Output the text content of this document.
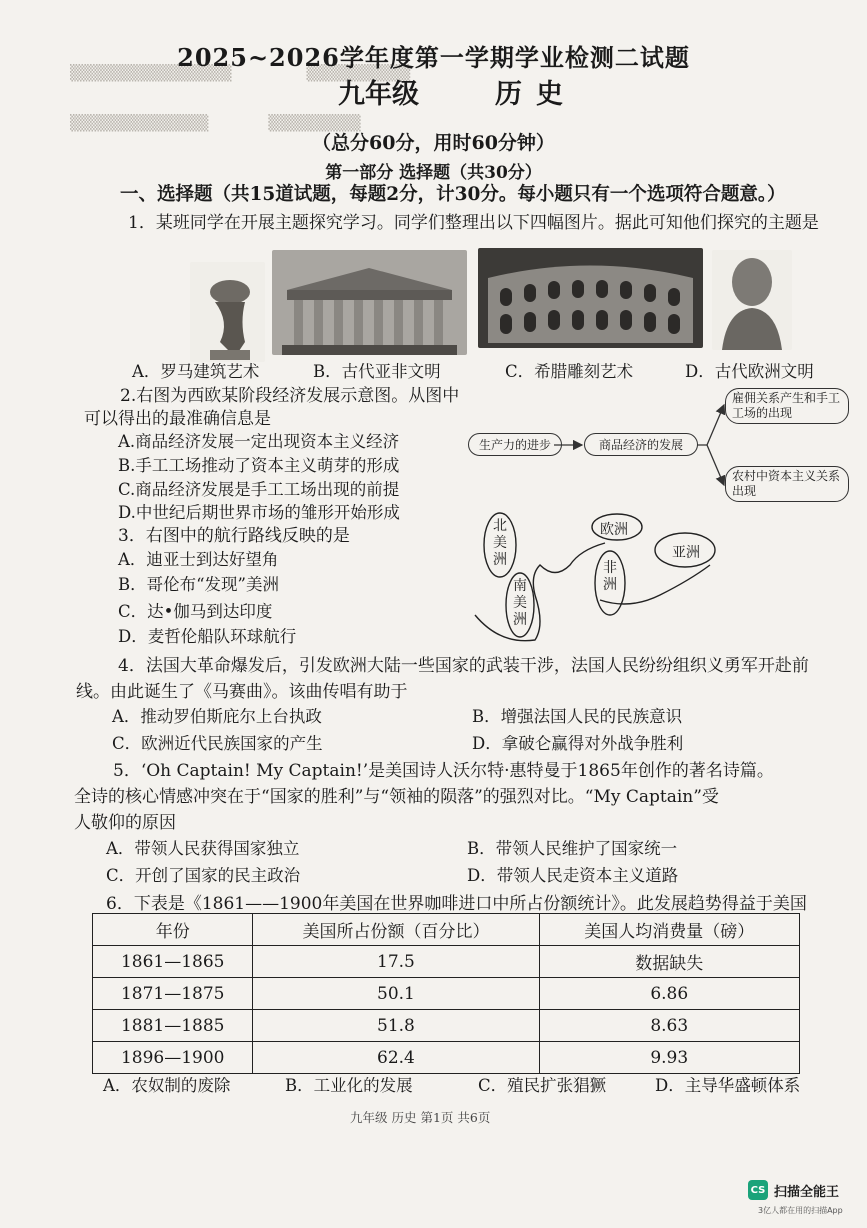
　▒▒▒▒▒▒▒▒▒▒▒▒▒▒　　　　　▒▒▒▒▒▒▒▒▒
　▒▒▒▒▒▒▒▒▒▒▒▒　　　　▒▒▒▒▒▒▒▒
2025~2026学年度第一学期学业检测二试题
九年级	历史
（总分60分，用时60分钟）
第一部分 选择题（共30分）
一、选择题（共15道试题，每题2分，计30分。每小题只有一个选项符合题意。）
1．某班同学在开展主题探究学习。同学们整理出以下四幅图片。据此可知他们探究的主题是
A．罗马建筑艺术	B．古代亚非文明	C．希腊雕刻艺术	D．古代欧洲文明
2.右图为西欧某阶段经济发展示意图。从图中
可以得出的最准确信息是
A.商品经济发展一定出现资本主义经济
B.手工工场推动了资本主义萌芽的形成
C.商品经济发展是手工工场出现的前提
D.中世纪后期世界市场的雏形开始形成
生产力的进步	商品经济的发展
雇佣关系产生和手工工场的出现
农村中资本主义关系出现
3．右图中的航行路线反映的是
A．迪亚士到达好望角
B．哥伦布“发现”美洲
C．达•伽马到达印度
D．麦哲伦船队环球航行
北美洲
南美洲
欧洲
非洲
亚洲
4．法国大革命爆发后，引发欧洲大陆一些国家的武装干涉，法国人民纷纷组织义勇军开赴前
线。由此诞生了《马赛曲》。该曲传唱有助于
A．推动罗伯斯庇尔上台执政	B．增强法国人民的民族意识
C．欧洲近代民族国家的产生	D．拿破仑赢得对外战争胜利
5．‘Oh Captain! My Captain!’是美国诗人沃尔特·惠特曼于1865年创作的著名诗篇。
全诗的核心情感冲突在于“国家的胜利”与“领袖的陨落”的强烈对比。“My Captain”受
人敬仰的原因
A．带领人民获得国家独立	B．带领人民维护了国家统一
C．开创了国家的民主政治	D．带领人民走资本主义道路
6．下表是《1861——1900年美国在世界咖啡进口中所占份额统计》。此发展趋势得益于美国
年份	美国所占份额（百分比）	美国人均消费量（磅）
1861—1865	17.5	数据缺失
1871—1875	50.1	6.86
1881—1885	51.8	8.63
1896—1900	62.4	9.93
A．农奴制的废除	B．工业化的发展	C．殖民扩张猖獗	D．主导华盛顿体系
九年级 历史 第1页 共6页
CS 扫描全能王
3亿人都在用的扫描App
